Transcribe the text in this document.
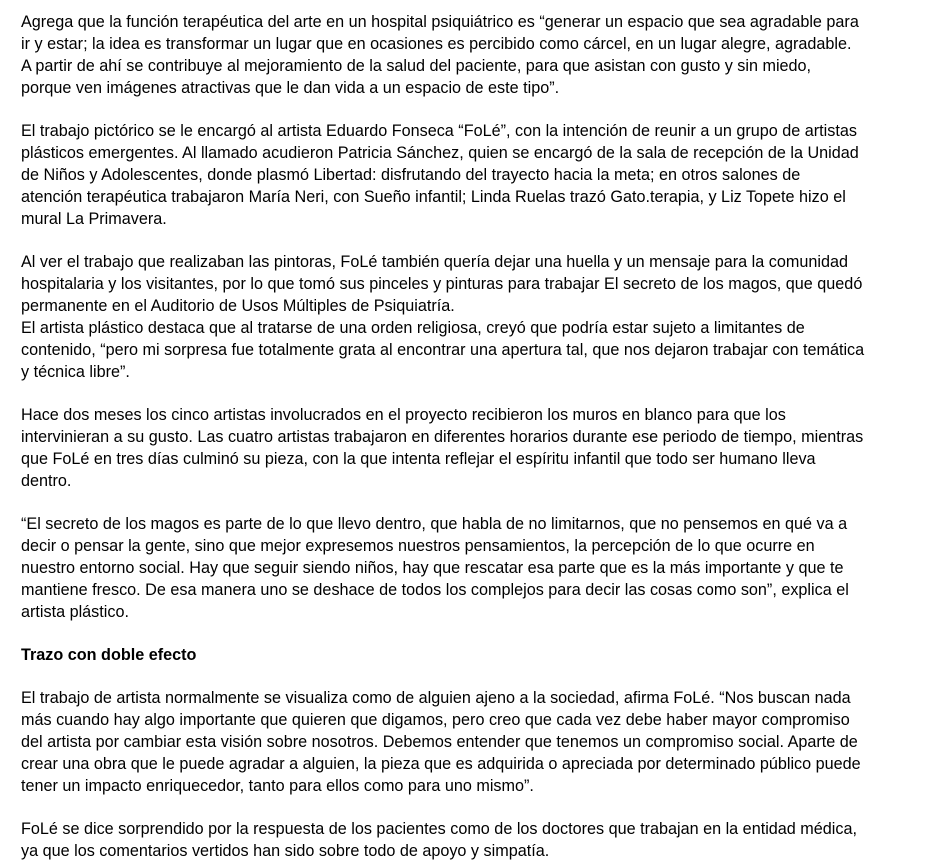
Agrega que la función terapéutica del arte en un hospital psiquiátrico es “generar un espacio que sea agradable para

ir y estar; la idea es transformar un lugar que en ocasiones es percibido como cárcel, en un lugar alegre, agradable.

A partir de ahí se contribuye al mejoramiento de la salud del paciente, para que asistan con gusto y sin miedo,

porque ven imágenes atractivas que le dan vida a un espacio de este tipo”.

El trabajo pictórico se le encargó al artista Eduardo Fonseca “FoLé”, con la intención de reunir a un grupo de artistas

plásticos emergentes. Al llamado acudieron Patricia Sánchez, quien se encargó de la sala de recepción de la Unidad

de Niños y Adolescentes, donde plasmó Libertad: disfrutando del trayecto hacia la meta; en otros salones de

atención terapéutica trabajaron María Neri, con Sueño infantil; Linda Ruelas trazó Gato.terapia, y Liz Topete hizo el

mural La Primavera.

Al ver el trabajo que realizaban las pintoras, FoLé también quería dejar una huella y un mensaje para la comunidad

hospitalaria y los visitantes, por lo que tomó sus pinceles y pinturas para trabajar El secreto de los magos, que quedó

permanente en el Auditorio de Usos Múltiples de Psiquiatría.

El artista plástico destaca que al tratarse de una orden religiosa, creyó que podría estar sujeto a limitantes de

contenido, “pero mi sorpresa fue totalmente grata al encontrar una apertura tal, que nos dejaron trabajar con temática

y técnica libre”.

Hace dos meses los cinco artistas involucrados en el proyecto recibieron los muros en blanco para que los

intervinieran a su gusto. Las cuatro artistas trabajaron en diferentes horarios durante ese periodo de tiempo, mientras

que FoLé en tres días culminó su pieza, con la que intenta reflejar el espíritu infantil que todo ser humano lleva

dentro.

“El secreto de los magos es parte de lo que llevo dentro, que habla de no limitarnos, que no pensemos en qué va a

decir o pensar la gente, sino que mejor expresemos nuestros pensamientos, la percepción de lo que ocurre en

nuestro entorno social. Hay que seguir siendo niños, hay que rescatar esa parte que es la más importante y que te

mantiene fresco. De esa manera uno se deshace de todos los complejos para decir las cosas como son”, explica el

artista plástico.

Trazo con doble efecto

El trabajo de artista normalmente se visualiza como de alguien ajeno a la sociedad, afirma FoLé. “Nos buscan nada

más cuando hay algo importante que quieren que digamos, pero creo que cada vez debe haber mayor compromiso

del artista por cambiar esta visión sobre nosotros. Debemos entender que tenemos un compromiso social. Aparte de

crear una obra que le puede agradar a alguien, la pieza que es adquirida o apreciada por determinado público puede

tener un impacto enriquecedor, tanto para ellos como para uno mismo”.

FoLé se dice sorprendido por la respuesta de los pacientes como de los doctores que trabajan en la entidad médica,

ya que los comentarios vertidos han sido sobre todo de apoyo y simpatía.
